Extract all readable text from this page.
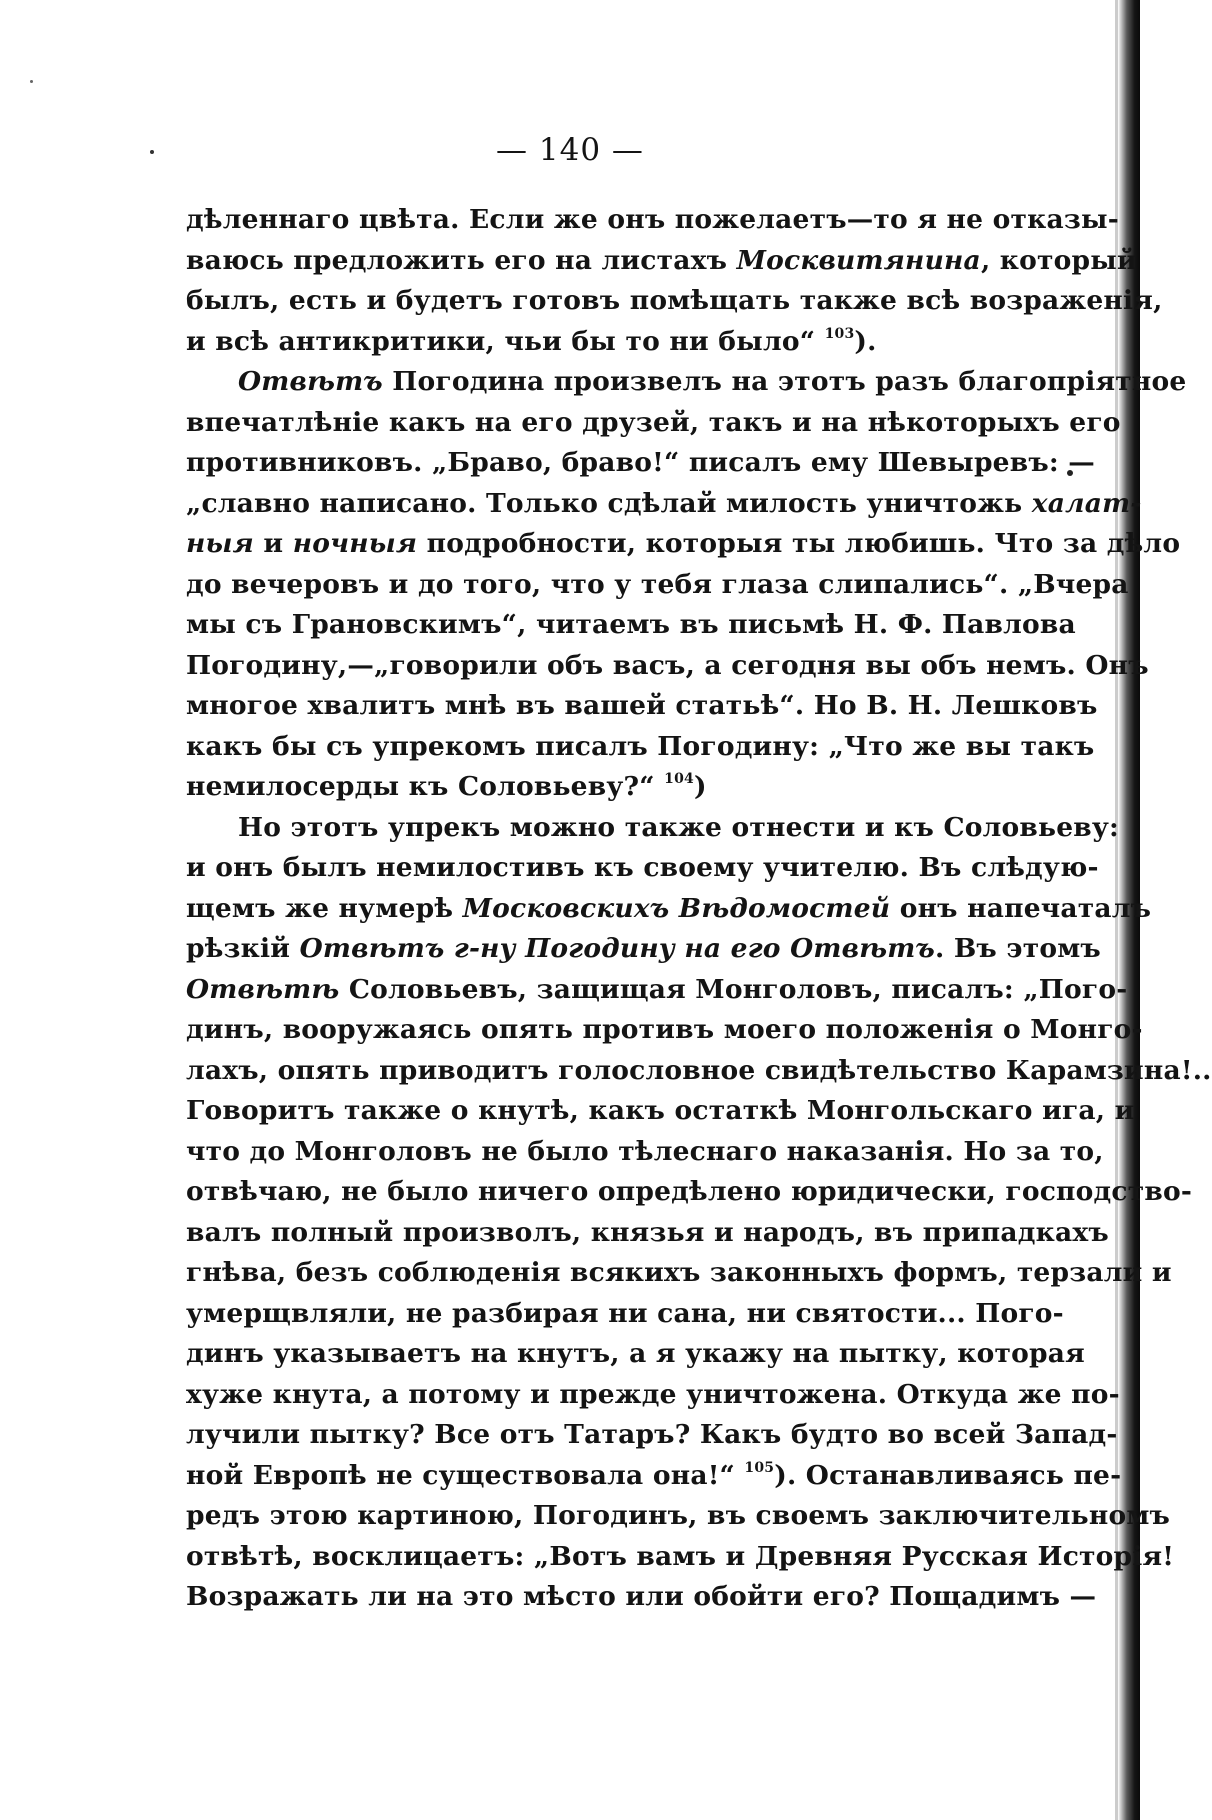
— 140 —
дѣленнаго цвѣта. Если же онъ пожелаетъ—то я не отказы-
ваюсь предложить его на листахъ Москвитянина, который
былъ, есть и будетъ готовъ помѣщать также всѣ возраженія,
и всѣ антикритики, чьи бы то ни было“ $^{103}$).
Отвѣтъ Погодина произвелъ на этотъ разъ благопріятное
впечатлѣніе какъ на его друзей, такъ и на нѣкоторыхъ его
противниковъ. „Браво, браво!“ писалъ ему Шевыревъ: —
„славно написано. Только сдѣлай милость уничтожь халат-
ныя и ночныя подробности, которыя ты любишь. Что за дѣло
до вечеровъ и до того, что у тебя глаза слипались“. „Вчера
мы съ Грановскимъ“, читаемъ въ письмѣ Н. Ф. Павлова
Погодину,—„говорили объ васъ, а сегодня вы объ немъ. Онъ
многое хвалитъ мнѣ въ вашей статьѣ“. Но В. Н. Лешковъ
какъ бы съ упрекомъ писалъ Погодину: „Что же вы такъ
немилосерды къ Соловьеву?“ $^{104}$)
Но этотъ упрекъ можно также отнести и къ Соловьеву:
и онъ былъ немилостивъ къ своему учителю. Въ слѣдую-
щемъ же нумерѣ Московскихъ Вѣдомостей онъ напечаталъ
рѣзкій Отвѣтъ г-ну Погодину на его Отвѣтъ. Въ этомъ
Отвѣтѣ Соловьевъ, защищая Монголовъ, писалъ: „Пого-
динъ, вооружаясь опять противъ моего положенія о Монго-
лахъ, опять приводитъ голословное свидѣтельство Карамзина!..
Говоритъ также о кнутѣ, какъ остаткѣ Монгольскаго ига, и
что до Монголовъ не было тѣлеснаго наказанія. Но за то,
отвѣчаю, не было ничего опредѣлено юридически, господство-
валъ полный произволъ, князья и народъ, въ припадкахъ
гнѣва, безъ соблюденія всякихъ законныхъ формъ, терзали и
умерщвляли, не разбирая ни сана, ни святости... Пого-
динъ указываетъ на кнутъ, а я укажу на пытку, которая
хуже кнута, а потому и прежде уничтожена. Откуда же по-
лучили пытку? Все отъ Татаръ? Какъ будто во всей Запад-
ной Европѣ не существовала она!“ $^{105}$). Останавливаясь пе-
редъ этою картиною, Погодинъ, въ своемъ заключительномъ
отвѣтѣ, восклицаетъ: „Вотъ вамъ и Древняя Русская Исторія!
Возражать ли на это мѣсто или обойти его? Пощадимъ —
